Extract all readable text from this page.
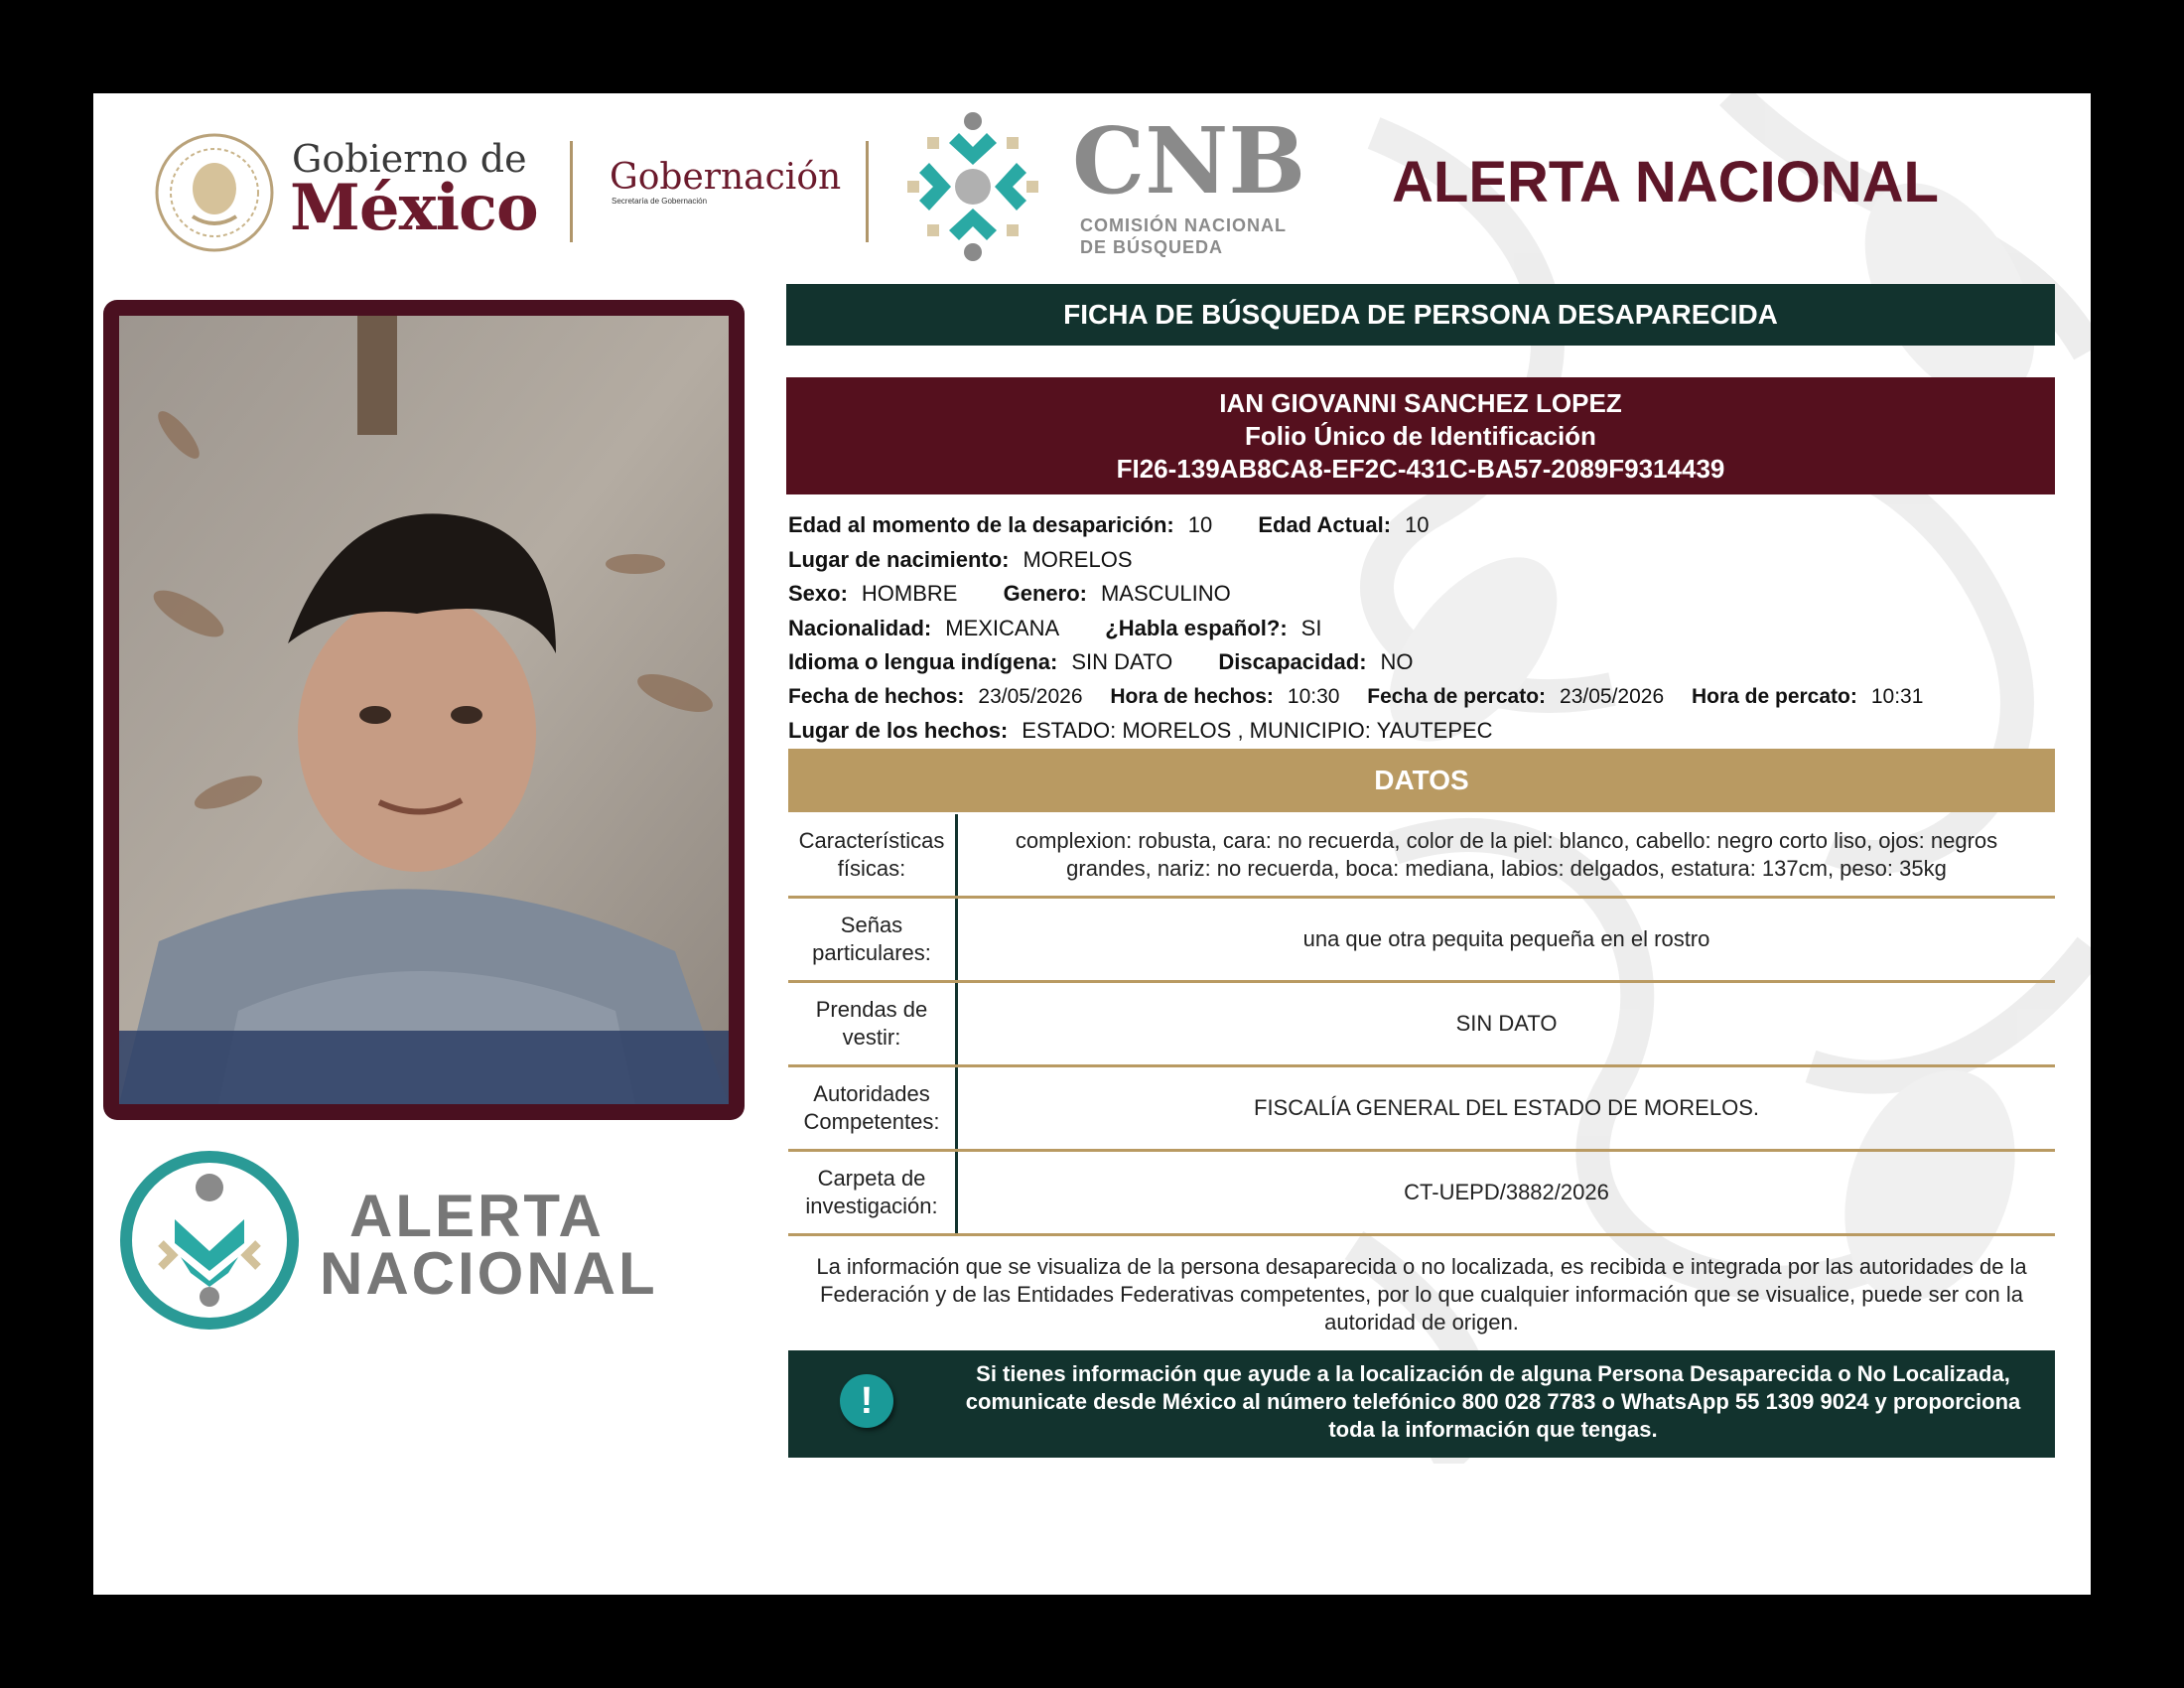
Gobierno de
México Gobernación
Secretaría de Gobernación	CNB
COMISIÓN NACIONAL
DE BÚSQUEDA
ALERTA NACIONAL
ALERTA
NACIONAL
FICHA DE BÚSQUEDA DE PERSONA DESAPARECIDA
IAN GIOVANNI SANCHEZ LOPEZ
Folio Único de Identificación
FI26-139AB8CA8-EF2C-431C-BA57-2089F9314439
Edad al momento de la desaparición: 10 Edad Actual: 10
Lugar de nacimiento: MORELOS
Sexo: HOMBRE Genero: MASCULINO
Nacionalidad: MEXICANA ¿Habla español?: SI
Idioma o lengua indígena: SIN DATO Discapacidad: NO
Fecha de hechos: 23/05/2026 Hora de hechos: 10:30 Fecha de percato: 23/05/2026 Hora de percato: 10:31
Lugar de los hechos: ESTADO: MORELOS , MUNICIPIO: YAUTEPEC
DATOS
Características
físicas:	complexion: robusta, cara: no recuerda, color de la piel: blanco, cabello: negro corto liso, ojos: negros grandes, nariz: no recuerda, boca: mediana, labios: delgados, estatura: 137cm, peso: 35kg

Señas
particulares:	una que otra pequita pequeña en el rostro

Prendas de
vestir:	SIN DATO

Autoridades
Competentes:	FISCALÍA GENERAL DEL ESTADO DE MORELOS.

Carpeta de
investigación:	CT-UEPD/3882/2026
La información que se visualiza de la persona desaparecida o no localizada, es recibida e integrada por las autoridades de la Federación y de las Entidades Federativas competentes, por lo que cualquier información que se visualice, puede ser con la autoridad de origen.
!
Si tienes información que ayude a la localización de alguna Persona Desaparecida o No Localizada, comunicate desde México al número telefónico 800 028 7783 o WhatsApp 55 1309 9024 y proporciona toda la información que tengas.
